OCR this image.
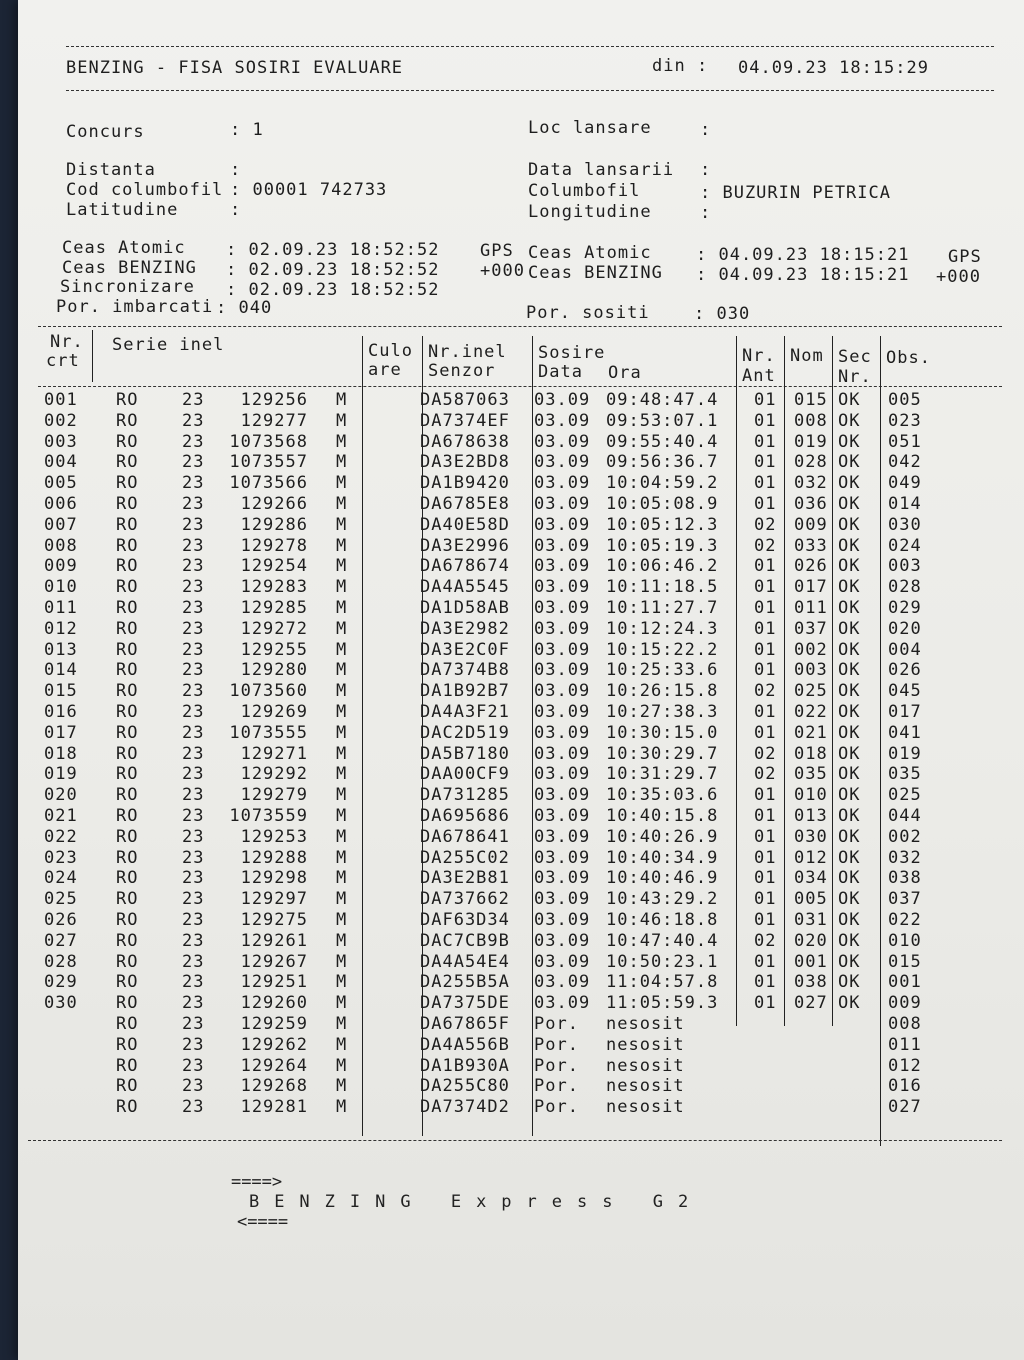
BENZING - FISA SOSIRI EVALUARE	din : 04.09.23 18:15:29
Concurs	: 1	Loc lansare	:
Distanta	:	Data lansarii :
Cod columbofil : 00001 742733	Columbofil	: BUZURIN PETRICA
Latitudine	:	Longitudine	:
Ceas Atomic : 02.09.23 18:52:52 GPS
Ceas BENZING : 02.09.23 18:52:52 +000
Sincronizare : 02.09.23 18:52:52
Por. imbarcati : 040
Ceas Atomic	: 04.09.23 18:15:21 GPS
Ceas BENZING : 04.09.23 18:15:21 +000
Por. sositi	: 030
Nr.
crt
Serie inel	Culo
are
Nr.inel
Senzor
Sosire
Data Ora
Nr.
Ant
Nom Sec
Nr.
Obs.
001 RO	23	129256 M	DA587063 03.09 09:48:47.4 01 015 OK 005
002 RO	23	129277 M	DA7374EF 03.09 09:53:07.1 01 008 OK 023
003 RO	23	1073568 M	DA678638 03.09 09:55:40.4 01 019 OK 051
004 RO	23	1073557 M	DA3E2BD8 03.09 09:56:36.7 01 028 OK 042
005 RO	23	1073566 M	DA1B9420 03.09 10:04:59.2 01 032 OK 049
006 RO	23	129266 M	DA6785E8 03.09 10:05:08.9 01 036 OK 014
007 RO	23	129286 M	DA40E58D 03.09 10:05:12.3 02 009 OK 030
008 RO	23	129278 M	DA3E2996 03.09 10:05:19.3 02 033 OK 024
009 RO	23	129254 M	DA678674 03.09 10:06:46.2 01 026 OK 003
010 RO	23	129283 M	DA4A5545 03.09 10:11:18.5 01 017 OK 028
011 RO	23	129285 M	DA1D58AB 03.09 10:11:27.7 01 011 OK 029
012 RO	23	129272 M	DA3E2982 03.09 10:12:24.3 01 037 OK 020
013 RO	23	129255 M	DA3E2C0F 03.09 10:15:22.2 01 002 OK 004
014 RO	23	129280 M	DA7374B8 03.09 10:25:33.6 01 003 OK 026
015 RO	23	1073560 M	DA1B92B7 03.09 10:26:15.8 02 025 OK 045
016 RO	23	129269 M	DA4A3F21 03.09 10:27:38.3 01 022 OK 017
017 RO	23	1073555 M	DAC2D519 03.09 10:30:15.0 01 021 OK 041
018 RO	23	129271 M	DA5B7180 03.09 10:30:29.7 02 018 OK 019
019 RO	23	129292 M	DAA00CF9 03.09 10:31:29.7 02 035 OK 035
020 RO	23	129279 M	DA731285 03.09 10:35:03.6 01 010 OK 025
021 RO	23	1073559 M	DA695686 03.09 10:40:15.8 01 013 OK 044
022 RO	23	129253 M	DA678641 03.09 10:40:26.9 01 030 OK 002
023 RO	23	129288 M	DA255C02 03.09 10:40:34.9 01 012 OK 032
024 RO	23	129298 M	DA3E2B81 03.09 10:40:46.9 01 034 OK 038
025 RO	23	129297 M	DA737662 03.09 10:43:29.2 01 005 OK 037
026 RO	23	129275 M	DAF63D34 03.09 10:46:18.8 01 031 OK 022
027 RO	23	129261 M	DAC7CB9B 03.09 10:47:40.4 02 020 OK 010
028 RO	23	129267 M	DA4A54E4 03.09 10:50:23.1 01 001 OK 015
029 RO	23	129251 M	DA255B5A 03.09 11:04:57.8 01 038 OK 001
030 RO	23	129260 M	DA7375DE 03.09 11:05:59.3 01 027 OK 009
RO	23	129259 M	DA67865F Por. nesosit	008
RO	23	129262 M	DA4A556B Por. nesosit	011
RO	23	129264 M	DA1B930A Por. nesosit	012
RO	23	129268 M	DA255C80 Por. nesosit	016
RO	23	129281 M	DA7374D2 Por. nesosit	027

====>
BENZING Express G2
<====
